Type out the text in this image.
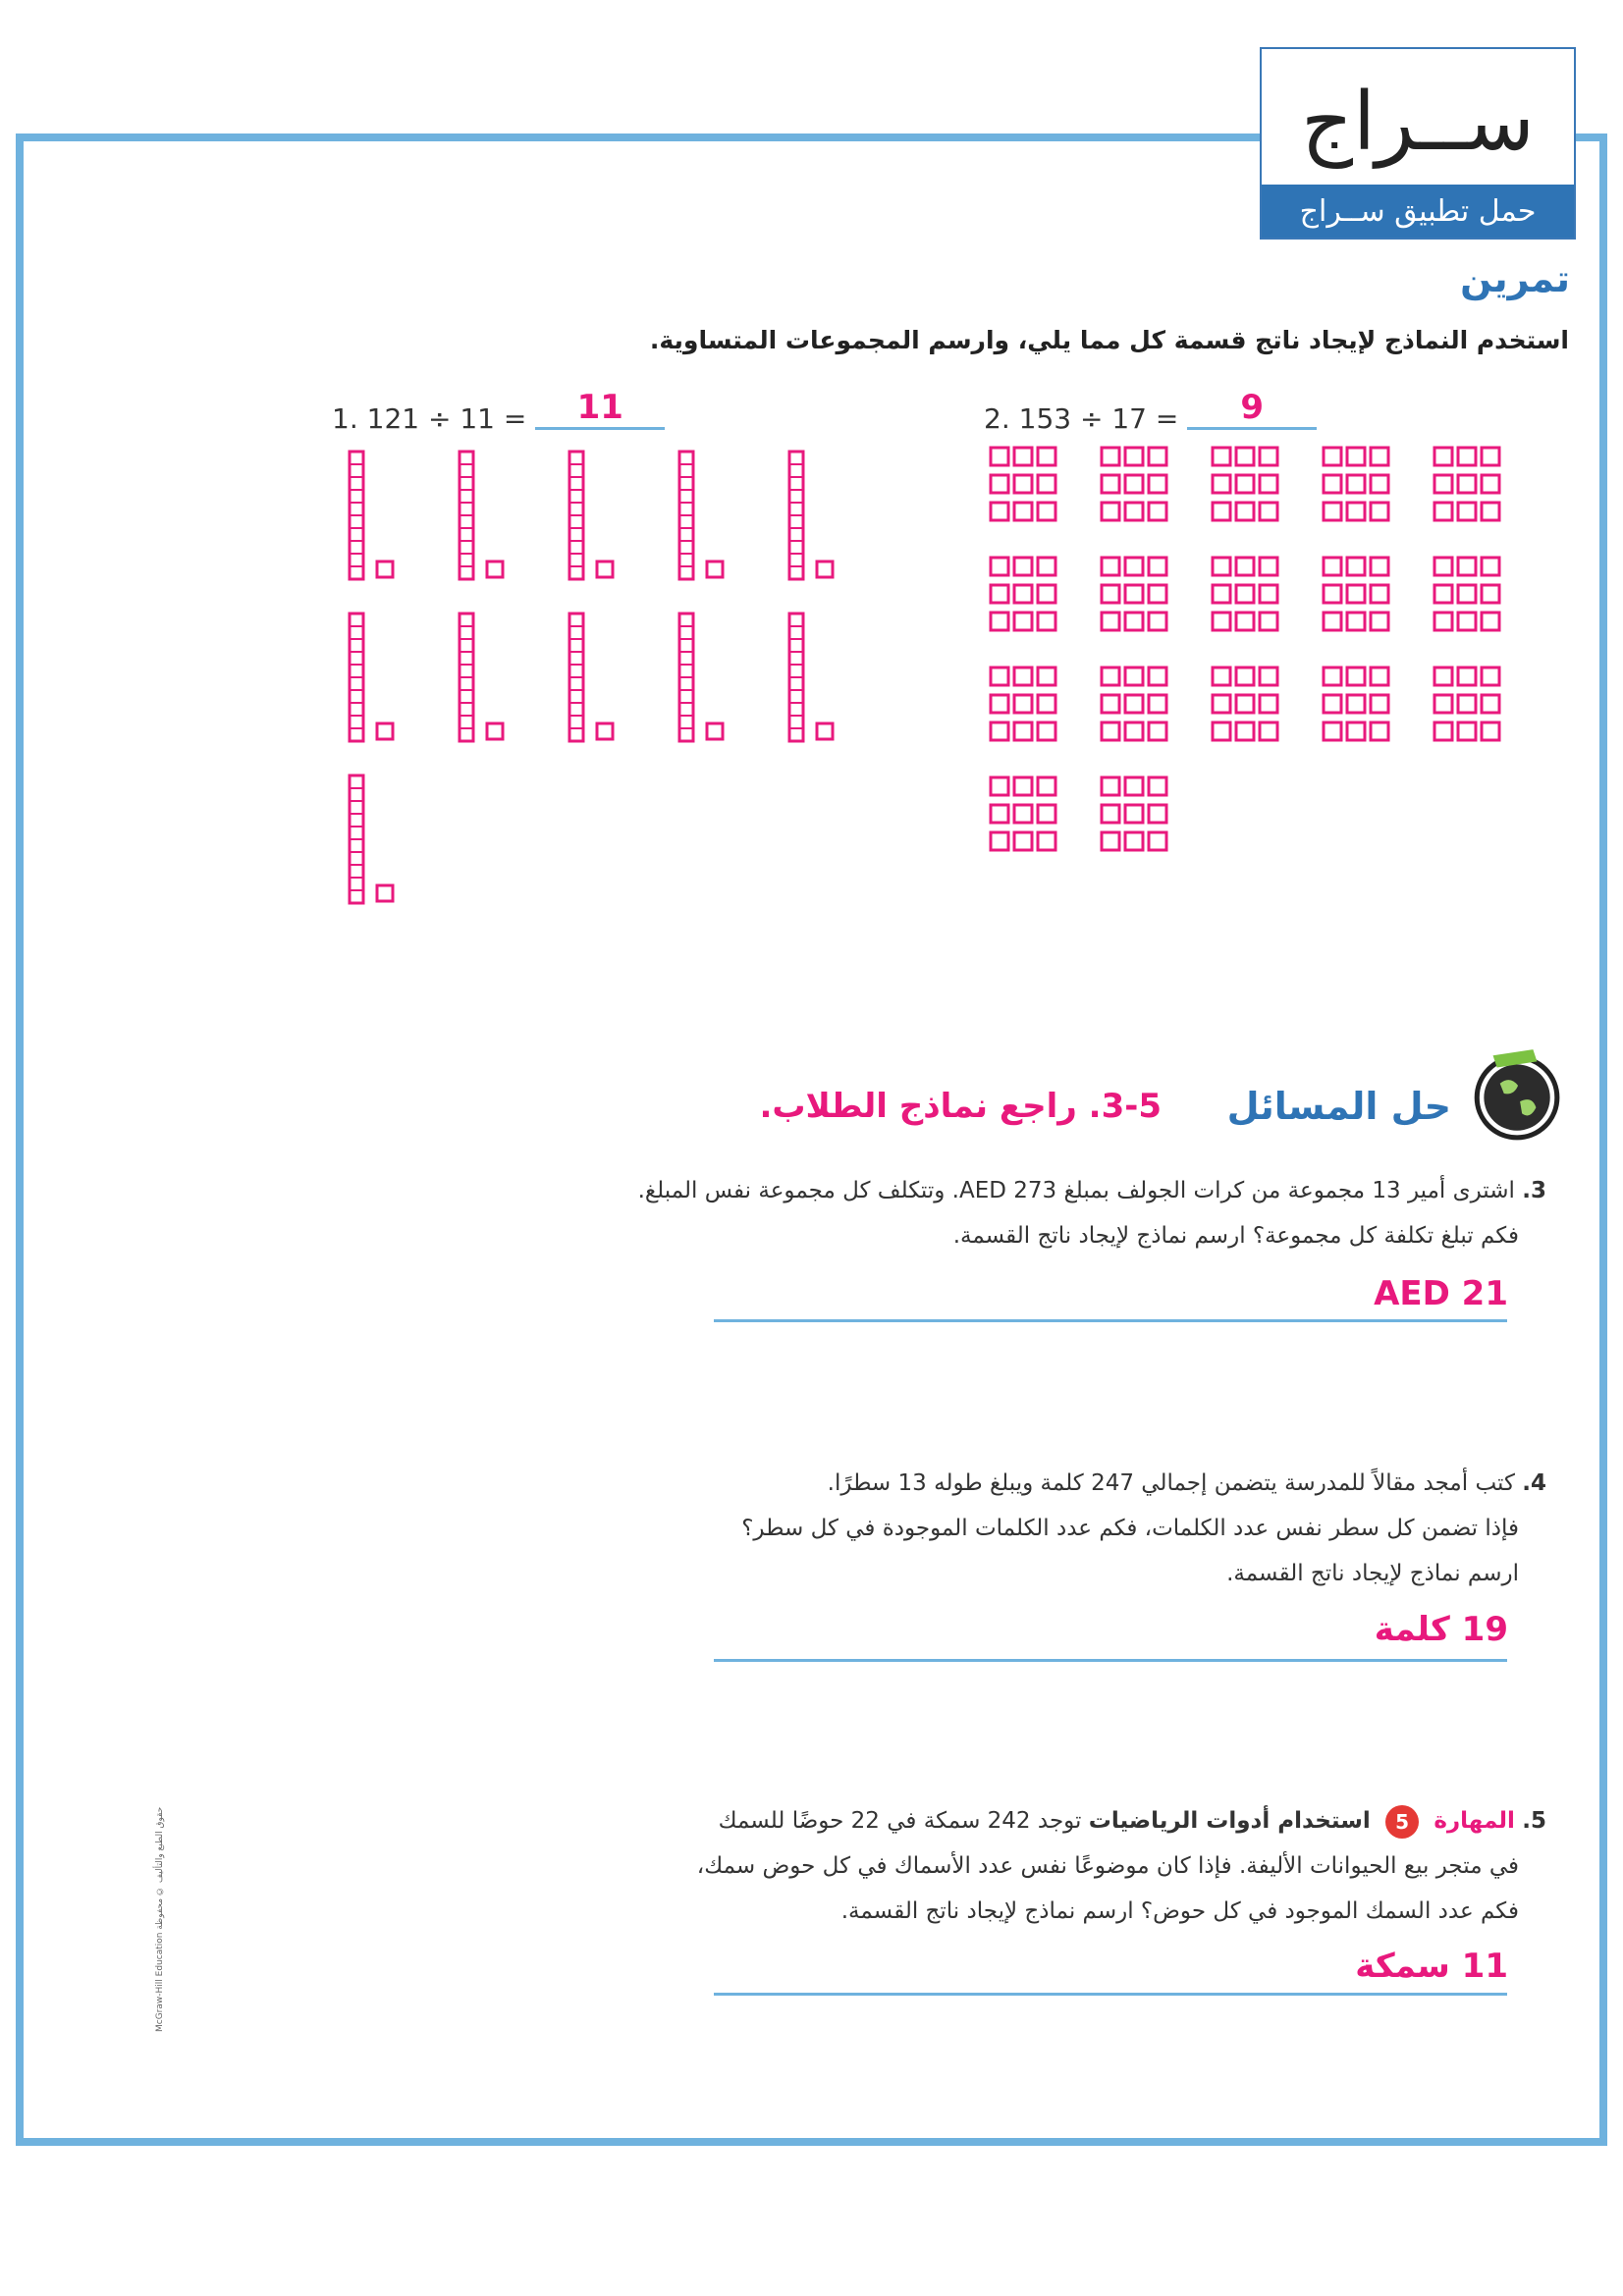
ســراج
حمل تطبيق ســراج
تمرين
استخدم النماذج لإيجاد ناتج قسمة كل مما يلي، وارسم المجموعات المتساوية.
1. 121 ÷ 11 = 11	2. 153 ÷ 17 = 9
حل المسائل
3-5. راجع نماذج الطلاب.
3. اشترى أمير 13 مجموعة من كرات الجولف بمبلغ AED 273. وتتكلف كل مجموعة نفس المبلغ.
فكم تبلغ تكلفة كل مجموعة؟ ارسم نماذج لإيجاد ناتج القسمة.
AED 21
4. كتب أمجد مقالاً للمدرسة يتضمن إجمالي 247 كلمة ويبلغ طوله 13 سطرًا.
فإذا تضمن كل سطر نفس عدد الكلمات، فكم عدد الكلمات الموجودة في كل سطر؟
ارسم نماذج لإيجاد ناتج القسمة.
19 كلمة
5. المهارة 5 استخدام أدوات الرياضيات توجد 242 سمكة في 22 حوضًا للسمك
في متجر بيع الحيوانات الأليفة. فإذا كان موضوعًا نفس عدد الأسماك في كل حوض سمك،
فكم عدد السمك الموجود في كل حوض؟ ارسم نماذج لإيجاد ناتج القسمة.
11 سمكة
McGraw-Hill Education حقوق الطبع والتأليف © محفوظة
